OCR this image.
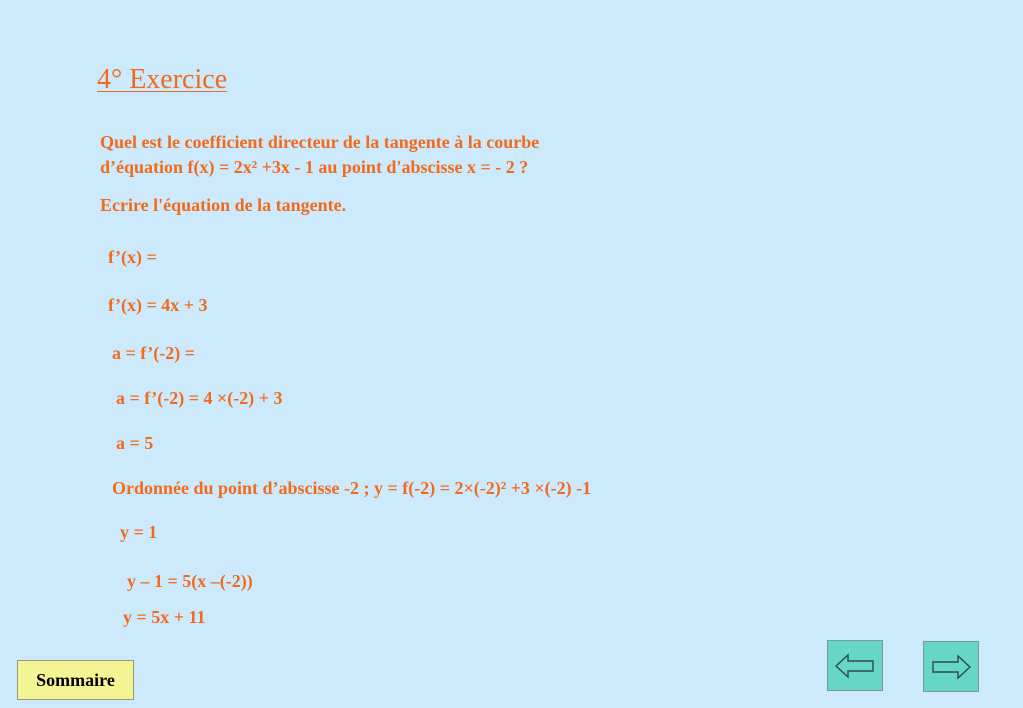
4° Exercice
Quel est le coefficient directeur de la tangente à la courbe
d’équation f(x) = 2x² +3x - 1 au point d'abscisse x = - 2 ?
Ecrire l'équation de la tangente.
f’(x) =
f’(x) = 4x + 3
a = f’(-2) =
a = f’(-2) = 4 ×(-2) + 3
a = 5
Ordonnée du point d’abscisse -2 ; y = f(-2) = 2×(-2)² +3 ×(-2) -1
y = 1
y – 1 = 5(x –(-2))
y = 5x + 11
Sommaire
